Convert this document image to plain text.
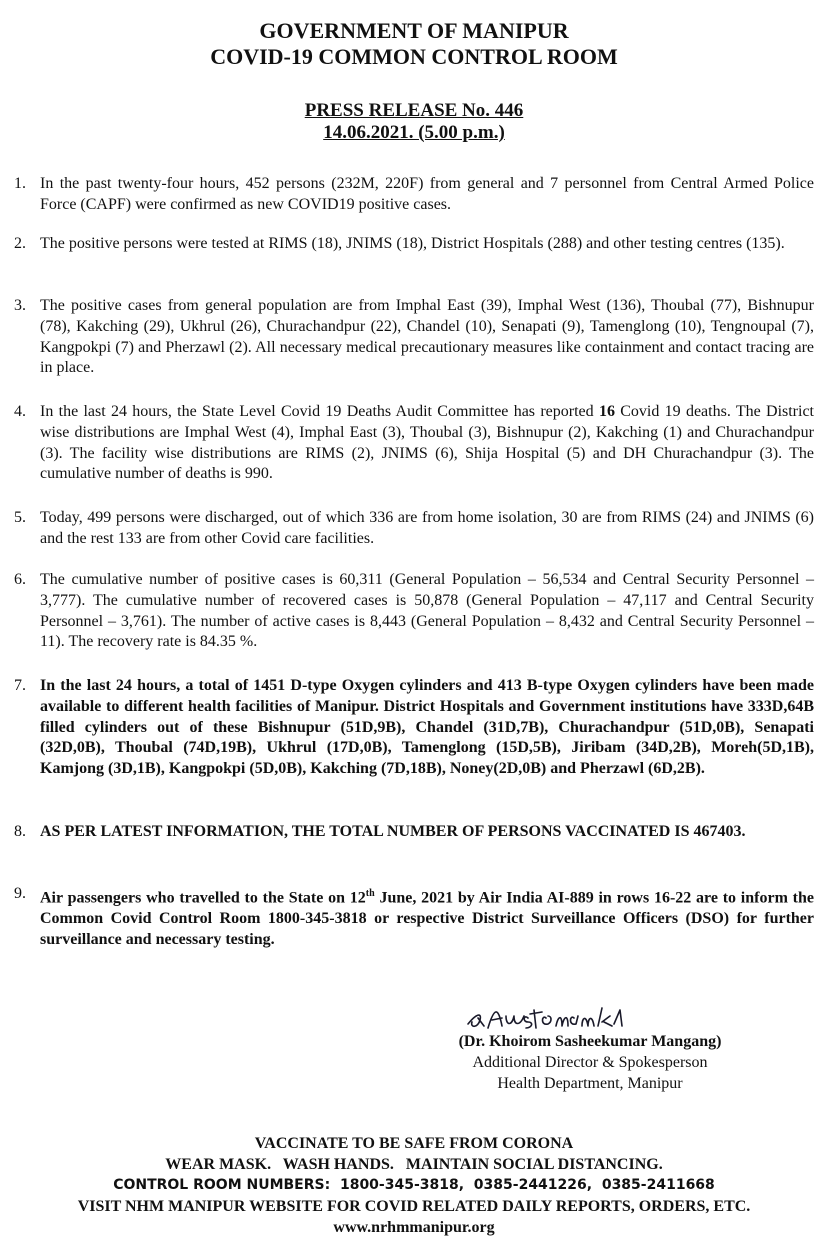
GOVERNMENT OF MANIPUR
COVID-19 COMMON CONTROL ROOM
PRESS RELEASE No. 446
14.06.2021. (5.00 p.m.)
1. In the past twenty-four hours, 452 persons (232M, 220F) from general and 7 personnel from Central Armed Police Force (CAPF) were confirmed as new COVID19 positive cases.
2. The positive persons were tested at RIMS (18), JNIMS (18), District Hospitals (288) and other testing centres (135).
3. The positive cases from general population are from Imphal East (39), Imphal West (136), Thoubal (77), Bishnupur (78), Kakching (29), Ukhrul (26), Churachandpur (22), Chandel (10), Senapati (9), Tamenglong (10), Tengnoupal (7), Kangpokpi (7) and Pherzawl (2). All necessary medical precautionary measures like containment and contact tracing are in place.
4. In the last 24 hours, the State Level Covid 19 Deaths Audit Committee has reported 16 Covid 19 deaths. The District wise distributions are Imphal West (4), Imphal East (3), Thoubal (3), Bishnupur (2), Kakching (1) and Churachandpur (3). The facility wise distributions are RIMS (2), JNIMS (6), Shija Hospital (5) and DH Churachandpur (3). The cumulative number of deaths is 990.
5. Today, 499 persons were discharged, out of which 336 are from home isolation, 30 are from RIMS (24) and JNIMS (6) and the rest 133 are from other Covid care facilities.
6. The cumulative number of positive cases is 60,311 (General Population – 56,534 and Central Security Personnel – 3,777). The cumulative number of recovered cases is 50,878 (General Population – 47,117 and Central Security Personnel – 3,761). The number of active cases is 8,443 (General Population – 8,432 and Central Security Personnel – 11). The recovery rate is 84.35 %.
7. In the last 24 hours, a total of 1451 D-type Oxygen cylinders and 413 B-type Oxygen cylinders have been made available to different health facilities of Manipur. District Hospitals and Government institutions have 333D,64B filled cylinders out of these Bishnupur (51D,9B), Chandel (31D,7B), Churachandpur (51D,0B), Senapati (32D,0B), Thoubal (74D,19B), Ukhrul (17D,0B), Tamenglong (15D,5B), Jiribam (34D,2B), Moreh(5D,1B), Kamjong (3D,1B), Kangpokpi (5D,0B), Kakching (7D,18B), Noney(2D,0B) and Pherzawl (6D,2B).
8. AS PER LATEST INFORMATION, THE TOTAL NUMBER OF PERSONS VACCINATED IS 467403.
9. Air passengers who travelled to the State on 12th June, 2021 by Air India AI-889 in rows 16-22 are to inform the Common Covid Control Room 1800-345-3818 or respective District Surveillance Officers (DSO) for further surveillance and necessary testing.
(Dr. Khoirom Sasheekumar Mangang)
Additional Director & Spokesperson
Health Department, Manipur
VACCINATE TO BE SAFE FROM CORONA
WEAR MASK.   WASH HANDS.   MAINTAIN SOCIAL DISTANCING.
CONTROL ROOM NUMBERS:  1800-345-3818,  0385-2441226,  0385-2411668
VISIT NHM MANIPUR WEBSITE FOR COVID RELATED DAILY REPORTS, ORDERS, ETC.
www.nrhmmanipur.org
